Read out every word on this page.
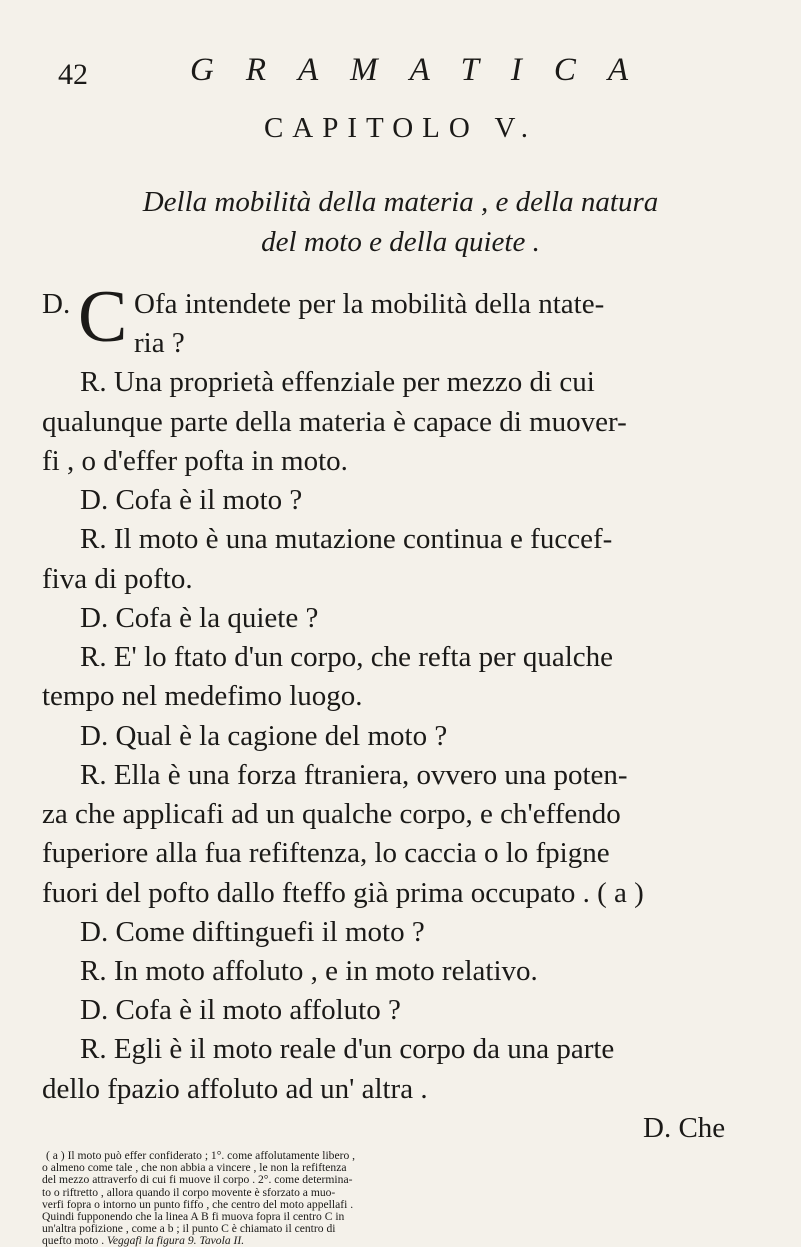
42	GRAMATICA
CAPITOLO V.
Della mobilità della materia , e della natura
del moto e della quiete .
D. C Ofa intendete per la mobilità della ntate-
ria ?
R. Una proprietà effenziale per mezzo di cui
qualunque parte della materia è capace di muover-
fi , o d'effer pofta in moto.
D. Cofa è il moto ?
R. Il moto è una mutazione continua e fuccef-
fiva di pofto.
D. Cofa è la quiete ?
R. E' lo ftato d'un corpo, che refta per qualche
tempo nel medefimo luogo.
D. Qual è la cagione del moto ?
R. Ella è una forza ftraniera, ovvero una poten-
za che applicafi ad un qualche corpo, e ch'effendo
fuperiore alla fua refiftenza, lo caccia o lo fpigne
fuori del pofto dallo fteffo già prima occupato . ( a )
D. Come diftinguefi il moto ?
R. In moto affoluto , e in moto relativo.
D. Cofa è il moto affoluto ?
R. Egli è il moto reale d'un corpo da una parte
dello fpazio affoluto ad un' altra .
D. Che
( a ) Il moto può effer confiderato ; 1°. come affolutamente libero ,
o almeno come tale , che non abbia a vincere , le non la refiftenza
del mezzo attraverfo di cui fi muove il corpo . 2°. come determina-
to o riftretto , allora quando il corpo movente è sforzato a muo-
verfi fopra o intorno un punto fiffo , che centro del moto appellafi .
Quindi fupponendo che la linea A B fi muova fopra il centro C in
un'altra pofizione , come a b ; il punto C è chiamato il centro di
quefto moto . Veggafi la figura 9. Tavola II.
